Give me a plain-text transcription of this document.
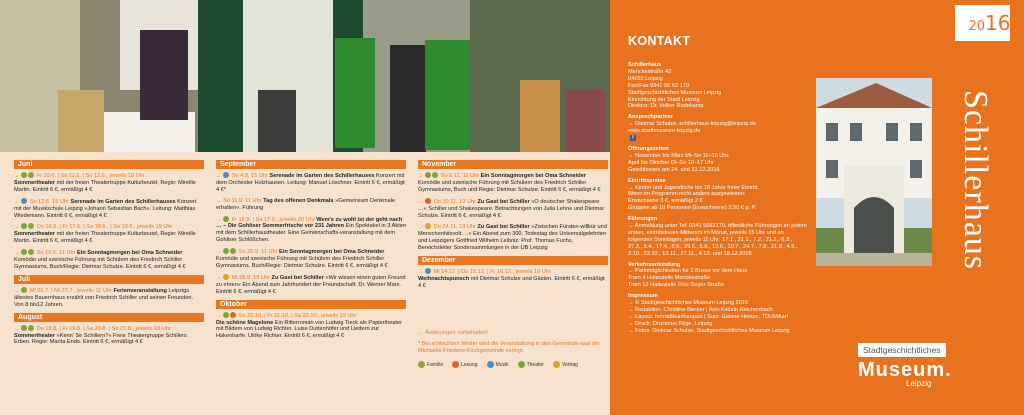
Juni

→	Fr 10.6. | Sa 11.6. | So 12.6., jeweils 19 Uhr
Sommertheater mit der freien Theatertruppe Kulturbeutel, Regie: Mireille Martin. Eintritt 6 €, ermäßigt 4 €

→  So 12.6. 15 Uhr Serenade im Garten des Schillerhauses Konzert mit der Musikschule Leipzig »Johann Sebastian Bach«. Leitung: Matthias Wiedemann. Eintritt 6 €, ermäßigt 4 €

→	Do 16.6. | Fr 17.6. | Sa 18.6., | So 19.6., jeweils 19 Uhr
Sommertheater mit der freien Theatertruppe Kulturbeutel, Regie: Mireille Martin. Eintritt 6 €, ermäßigt 4 €

→	So 19.6. 11 Uhr Ein Sonntagmorgen bei Oma Schneider Komödie und szenische Führung mit Schülern des Friedrich Schiller Gymnasiums, Buch/Regie: Dietmar Schulze. Eintritt 6 €, ermäßigt 4 €

Juli

→  Mi 20.7. | Mi 27.7., jeweils 11 Uhr Ferienveranstaltung Leipzigs ältestes Bauernhaus erzählt von Friedrich Schiller und seinen Freunden. Von 8 bis12 Jahren.

August

→	Do 18.8. | Fr 19.8. | Sa 20.8. | So 21.8., jeweils 19 Uhr
Sommertheater »Kenn' Se Schillern?« Freie Theatergruppe Schillers Erben. Regie: Marita Endo. Eintritt 6 €, ermäßigt 4 €

September

→  So 4.9. 15 Uhr Serenade im Garten des Schillerhauses Konzert mit dem Orchester Holzhausen. Leitung: Manuel Löschner. Eintritt 6 €, ermäßigt 4 €*

→ So 11.9. 11 Uhr Tag des offenen Denkmals »Gemeinsam Denkmale erhalten«. Führung

→  Fr 16.9. | Sa 17.9., jeweils 20 Uhr Wem's zu wohl ist der geht nach … – Die Gohliser Sommerfrische vor 231 Jahren Ein Spektakel in 3 Akten mit dem Schillerhaustheater. Eine Gemeinschafts-veranstaltung mit dem Gohliser Schlößchen.

→	So 25.9. 11 Uhr Ein Sonntagmorgen bei Oma Schneider Komödie und szenische Führung mit Schülern des Friedrich Schiller Gymnasiums, Buch/Regie: Dietmar Schulze. Eintritt 6 €, ermäßigt 4 €

→  Mi 28.9. 19 Uhr Zu Gast bei Schiller »Wir wissen einen guten Freund zu ehren« Ein Abend zum Jahrhundert der Freundschaft. Dr. Werner Marx. Eintritt 6 €, ermäßigt 4 €

Oktober

→	So 20.10. | Fr 21.10. | Sa 22.10., jeweils 19 Uhr
Die schöne Magelone Ein Ritterroman von Ludwig Tieck als Papiertheater mit Bildern von Ludwig Richter. Luise Duttenhöfer und Liedern zur Hakenharfe. Ulrike Richter. Eintritt 6 €, ermäßigt 4 €

November

→	So 6.11. 11 Uhr Ein Sonntagmorgen bei Oma Schneider Komödie und szenische Führung mit Schülern des Friedrich Schiller Gymnasiums, Buch und Regie: Dietmar Schulze. Eintritt 6 €, ermäßigt 4 €

→  Do 10.11. 19 Uhr Zu Gast bei Schiller »O deutscher Shakespeare …« Schiller und Shakespeare. Betrachtungen von Julia Lehne und Dietmar Schulze. Eintritt 6 €, ermäßigt 4 €

→  Do 24.11. 19 Uhr Zu Gast bei Schiller »Zwischen Fürsten-willkür und Menschenhitsvolt …« Ein Abend zum 300. Todestag des Universalgelehrten und Leipzigers Gottfried Wilhelm Leibniz. Prof. Thomas Fuchs, Bereichsleiter Sondersammlungen in der UB Leipzig

Dezember

→  Mi 14.12. | Do 15.12. | Fr 16.12., jeweils 19 Uhr
Weihnachtspunsch mit Dietmar Schulze und Gästen. Eintritt 6 €, ermäßigt 4 €

→ Änderungen vorbehalten!

* Bei schlechtem Wetter wird die Veranstaltung in den Gemeinde-saal der Michaelis-Friedens-Kirchgemeinde verlegt.

Familie	Lesung	Musik	Theater	Vortrag
KONTAKT
Schillerhaus
Menckestraße 42
04155 Leipzig
Fon/Fax 0341 56 62 170
Stadtgeschichtliches Museum Leipzig
Einrichtung der Stadt Leipzig
Direktor: Dr. Volker Rodekamp
Ansprechpartner
→ Dietmar Schulze, schillerhaus-leipzig@leipzig.de
www.stadtmuseum-leipzig.de
f
Öffnungszeiten
→ November bis März Mi–So 11–16 Uhr,
April bis Oktober Di–So 10–17 Uhr
Geschlossen am 24. und 31.12.2016
Eintrittspreise
→ Kinder und Jugendliche bis 18 Jahre freier Eintritt.
Wenn im Programm nicht anders ausgewiesen:
Erwachsene 3 €, ermäßigt 2 €
Gruppen ab 10 Personen (Erwachsene) 2,50 € p. P.
Führungen
→ Anmeldung unter Tel. 0341 5662170, öffentliche Führungen an jedem
ersten, eintrittsfreien Mittwoch im Monat, jeweils 15 Uhr und an
folgenden Sonntagen, jeweils 11 Uhr: 17.1., 31.1., 7.2., 21.2., 6.3.,
27.3., 3.4., 17.4., 8.5., 29.5., 5.6., 12.6., 10.7., 24.7., 7.8., 21.8., 4.9.,
2.10., 23.10., 13.11., 27.11., 4.12. und 18.12.2016
Verkehrsanbindung
→ Parkmöglichkeiten für 2 Busse vor dem Haus
Tram 4 Haltestelle Menckestraße
Tram 12 Haltestelle Fritz-Seger-Straße
Impressum
→ © Stadtgeschichtliches Museum Leipzig 2016
→ Redaktion: Christine Becker | Ann-Kathrin Reichenbach
→ Layout: hofrat&kunftsreport | Satz: Gabine Heinze, TOUMAar!
→ Druck: Druckerei Pöge, Leipzig
→ Fotos: Dietmar Schulze, Stadtgeschichtliches Museum Leipzig
2016
Schillerhaus
Stadtgeschichtliches
Museum.
Leipzig
